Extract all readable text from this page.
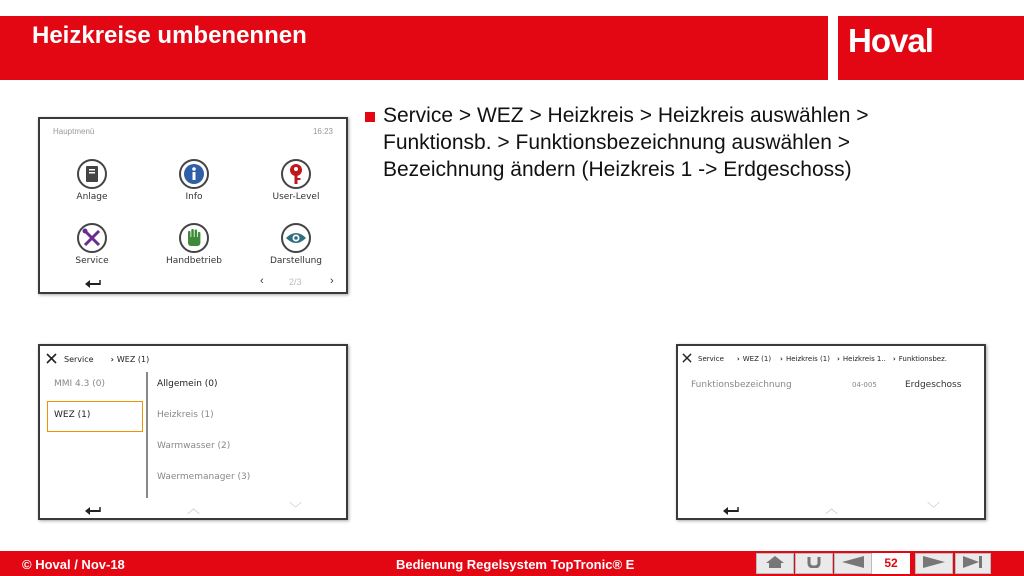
Heizkreise umbenennen	Hoval
Service > WEZ > Heizkreis > Heizkreis auswählen >
Funktionsb. > Funktionsbezeichnung auswählen >
Bezeichnung ändern (Heizkreis 1 -> Erdgeschoss)
Hauptmenü	16:23
Anlage	Info	User-Level
Service	Handbetrieb	Darstellung
‹	2/3	›
Service › WEZ (1)
MMI 4.3 (0)
WEZ (1)
Allgemein (0)
Heizkreis (1)
Warmwasser (2)
Waermemanager (3)
︿	﹀
Service › WEZ (1) › Heizkreis (1) › Heizkreis 1.. › Funktionsbez.
Funktionsbezeichnung	04-005	Erdgeschoss
︿	﹀
© Hoval / Nov-18	Bedienung Regelsystem TopTronic® E	52
